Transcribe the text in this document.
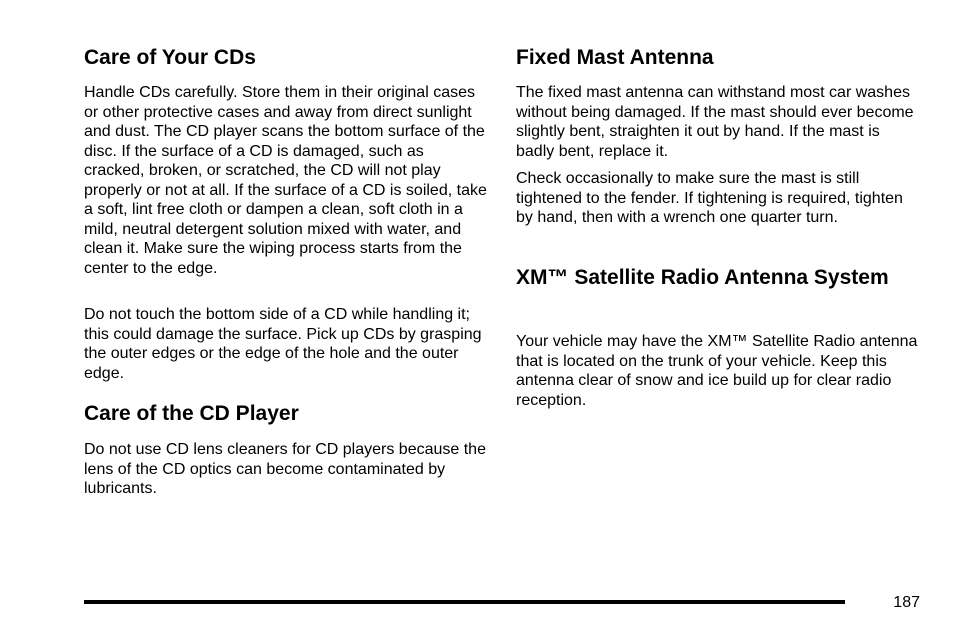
Care of Your CDs

Handle CDs carefully. Store them in their original cases or other protective cases and away from direct sunlight and dust. The CD player scans the bottom surface of the disc. If the surface of a CD is damaged, such as cracked, broken, or scratched, the CD will not play properly or not at all. If the surface of a CD is soiled, take a soft, lint free cloth or dampen a clean, soft cloth in a mild, neutral detergent solution mixed with water, and clean it. Make sure the wiping process starts from the center to the edge.

Do not touch the bottom side of a CD while handling it; this could damage the surface. Pick up CDs by grasping the outer edges or the edge of the hole and the outer edge.

Care of the CD Player

Do not use CD lens cleaners for CD players because the lens of the CD optics can become contaminated by lubricants.

Fixed Mast Antenna

The fixed mast antenna can withstand most car washes without being damaged. If the mast should ever become slightly bent, straighten it out by hand. If the mast is badly bent, replace it.

Check occasionally to make sure the mast is still tightened to the fender. If tightening is required, tighten by hand, then with a wrench one quarter turn.

XM™ Satellite Radio Antenna System

Your vehicle may have the XM™ Satellite Radio antenna that is located on the trunk of your vehicle. Keep this antenna clear of snow and ice build up for clear radio reception.

187
